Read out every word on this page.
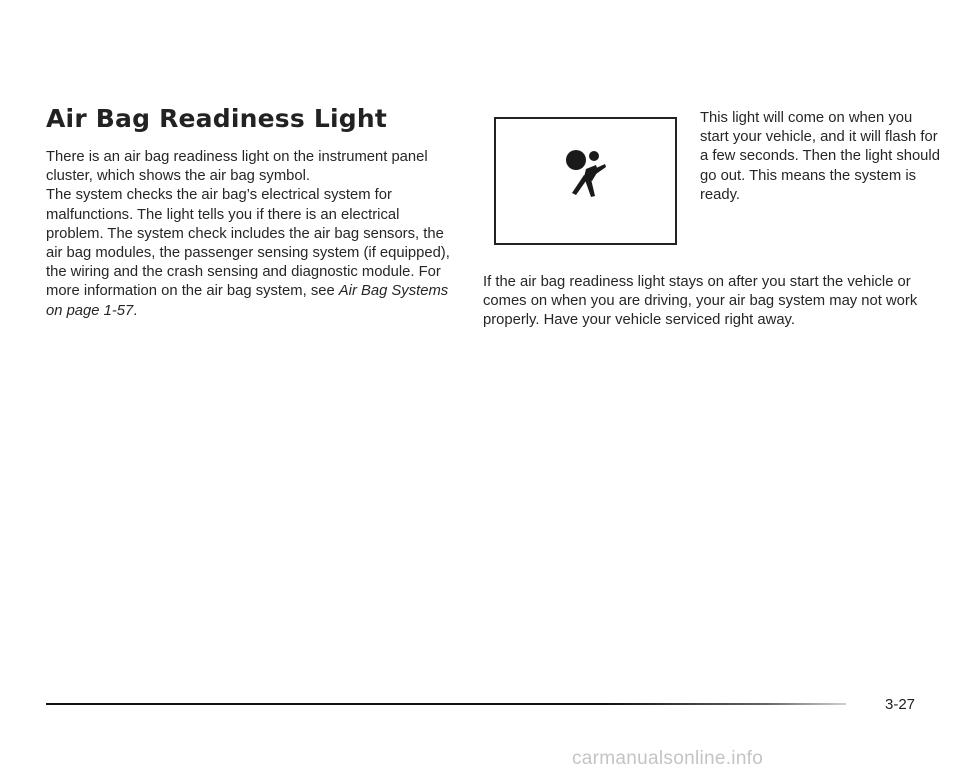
Air Bag Readiness Light

There is an air bag readiness light on the instrument panel cluster, which shows the air bag symbol.

The system checks the air bag’s electrical system for malfunctions. The light tells you if there is an electrical problem. The system check includes the air bag sensors, the air bag modules, the passenger sensing system (if equipped), the wiring and the crash sensing and diagnostic module. For more information on the air bag system, see Air Bag Systems on page 1-57.

This light will come on when you start your vehicle, and it will flash for a few seconds. Then the light should go out. This means the system is ready.

If the air bag readiness light stays on after you start the vehicle or comes on when you are driving, your air bag system may not work properly. Have your vehicle serviced right away.

3-27
carmanualsonline.info
